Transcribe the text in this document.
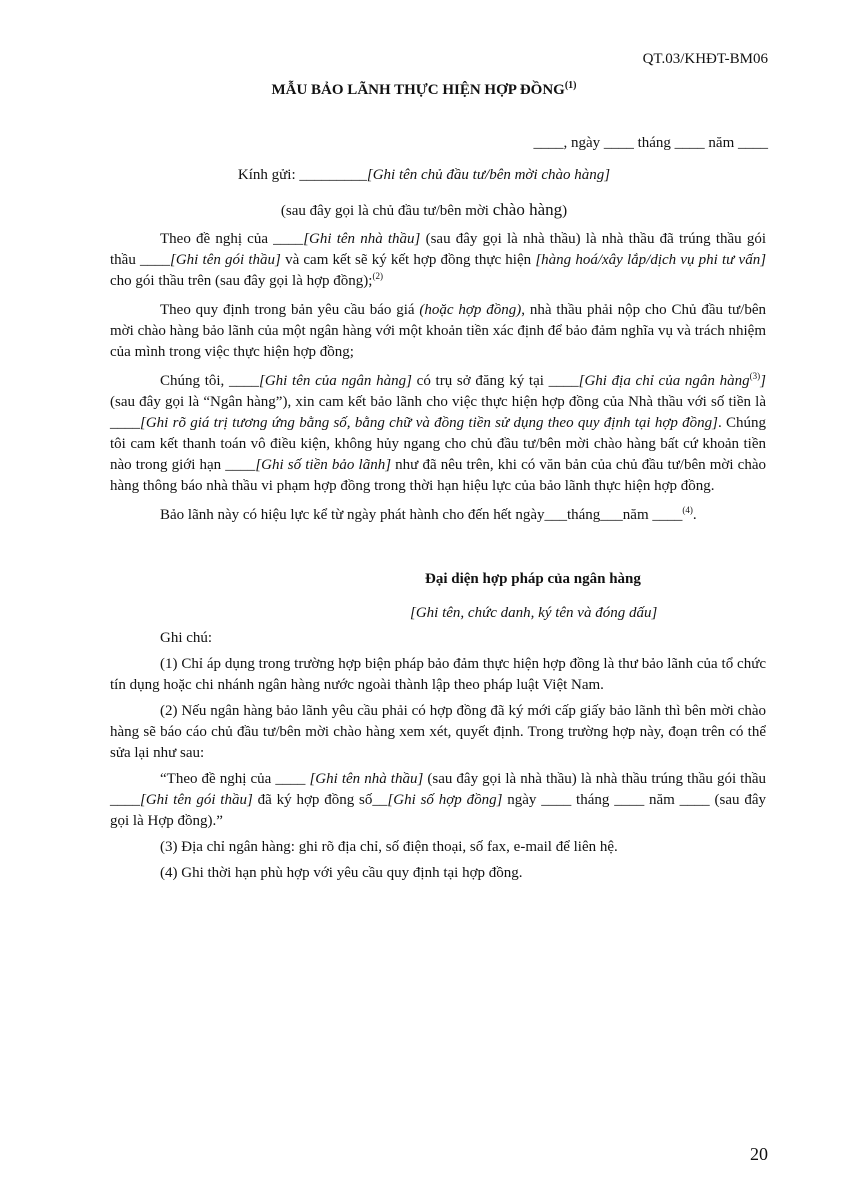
QT.03/KHĐT-BM06
MẪU BẢO LÃNH THỰC HIỆN HỢP ĐỒNG$^{(1)}$
____, ngày ____ tháng ____ năm ____
Kính gửi: _________[Ghi tên chủ đầu tư/bên mời chào hàng]
(sau đây gọi là chủ đầu tư/bên mời chào hàng)

Theo đề nghị của ____[Ghi tên nhà thầu] (sau đây gọi là nhà thầu) là nhà thầu đã trúng thầu gói thầu ____[Ghi tên gói thầu] và cam kết sẽ ký kết hợp đồng thực hiện [hàng hoá/xây lắp/dịch vụ phi tư vấn] cho gói thầu trên (sau đây gọi là hợp đồng);$^{(2)}$

Theo quy định trong bản yêu cầu báo giá (hoặc hợp đồng), nhà thầu phải nộp cho Chủ đầu tư/bên mời chào hàng bảo lãnh của một ngân hàng với một khoản tiền xác định để bảo đảm nghĩa vụ và trách nhiệm của mình trong việc thực hiện hợp đồng;

Chúng tôi, ____[Ghi tên của ngân hàng] có trụ sở đăng ký tại ____[Ghi địa chỉ của ngân hàng$^{(3)}$] (sau đây gọi là “Ngân hàng”), xin cam kết bảo lãnh cho việc thực hiện hợp đồng của Nhà thầu với số tiền là ____[Ghi rõ giá trị tương ứng bằng số, bằng chữ và đồng tiền sử dụng theo quy định tại hợp đồng]. Chúng tôi cam kết thanh toán vô điều kiện, không hủy ngang cho chủ đầu tư/bên mời chào hàng bất cứ khoản tiền nào trong giới hạn ____[Ghi số tiền bảo lãnh] như đã nêu trên, khi có văn bản của chủ đầu tư/bên mời chào hàng thông báo nhà thầu vi phạm hợp đồng trong thời hạn hiệu lực của bảo lãnh thực hiện hợp đồng.

Bảo lãnh này có hiệu lực kể từ ngày phát hành cho đến hết ngày___tháng___năm ____$^{(4)}$.

Đại diện hợp pháp của ngân hàng
[Ghi tên, chức danh, ký tên và đóng dấu]

Ghi chú:

(1) Chỉ áp dụng trong trường hợp biện pháp bảo đảm thực hiện hợp đồng là thư bảo lãnh của tổ chức tín dụng hoặc chi nhánh ngân hàng nước ngoài thành lập theo pháp luật Việt Nam.

(2) Nếu ngân hàng bảo lãnh yêu cầu phải có hợp đồng đã ký mới cấp giấy bảo lãnh thì bên mời chào hàng sẽ báo cáo chủ đầu tư/bên mời chào hàng xem xét, quyết định. Trong trường hợp này, đoạn trên có thể sửa lại như sau:

“Theo đề nghị của ____ [Ghi tên nhà thầu] (sau đây gọi là nhà thầu) là nhà thầu trúng thầu gói thầu ____[Ghi tên gói thầu] đã ký hợp đồng số__[Ghi số hợp đồng] ngày ____ tháng ____ năm ____ (sau đây gọi là Hợp đồng).”

(3) Địa chỉ ngân hàng: ghi rõ địa chỉ, số điện thoại, số fax, e-mail để liên hệ.

(4) Ghi thời hạn phù hợp với yêu cầu quy định tại hợp đồng.

20
